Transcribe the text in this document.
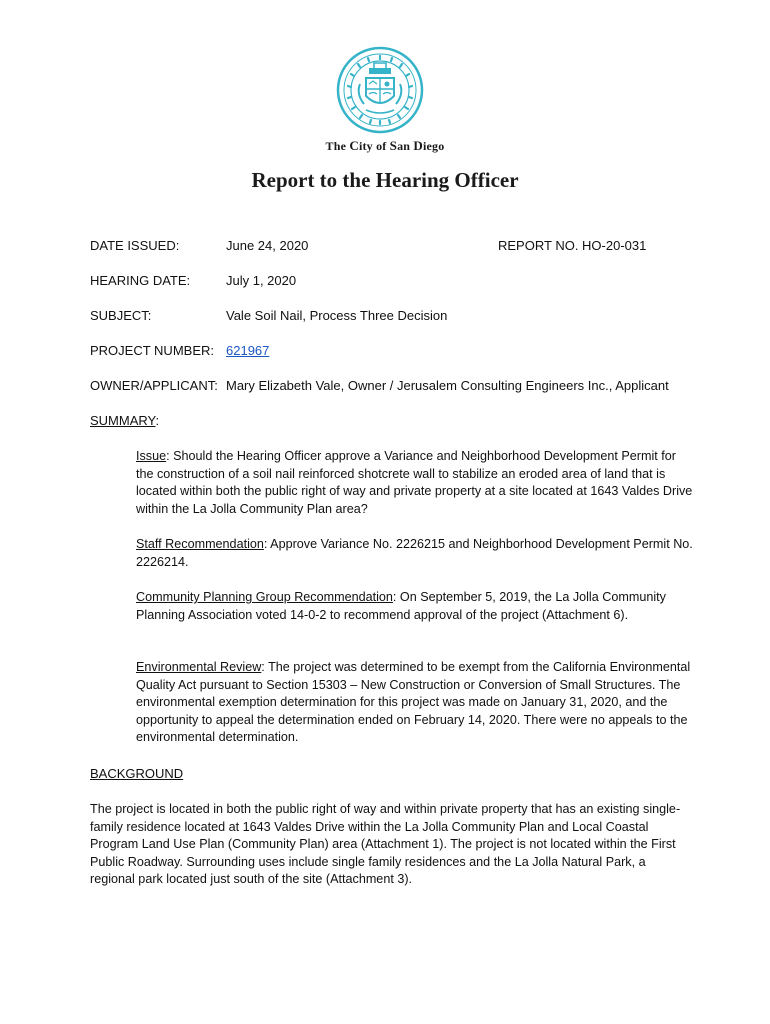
The City of San Diego
Report to the Hearing Officer
DATE ISSUED:	June 24, 2020	REPORT NO. HO-20-031
HEARING DATE:	July 1, 2020
SUBJECT:	Vale Soil Nail, Process Three Decision
PROJECT NUMBER: 621967
OWNER/APPLICANT: Mary Elizabeth Vale, Owner / Jerusalem Consulting Engineers Inc., Applicant
SUMMARY:
Issue: Should the Hearing Officer approve a Variance and Neighborhood Development Permit for the construction of a soil nail reinforced shotcrete wall to stabilize an eroded area of land that is located within both the public right of way and private property at a site located at 1643 Valdes Drive within the La Jolla Community Plan area?
Staff Recommendation: Approve Variance No. 2226215 and Neighborhood Development Permit No. 2226214.
Community Planning Group Recommendation: On September 5, 2019, the La Jolla Community Planning Association voted 14-0-2 to recommend approval of the project (Attachment 6).
Environmental Review: The project was determined to be exempt from the California Environmental Quality Act pursuant to Section 15303 – New Construction or Conversion of Small Structures. The environmental exemption determination for this project was made on January 31, 2020, and the opportunity to appeal the determination ended on February 14, 2020. There were no appeals to the environmental determination.
BACKGROUND
The project is located in both the public right of way and within private property that has an existing single-family residence located at 1643 Valdes Drive within the La Jolla Community Plan and Local Coastal Program Land Use Plan (Community Plan) area (Attachment 1). The project is not located within the First Public Roadway. Surrounding uses include single family residences and the La Jolla Natural Park, a regional park located just south of the site (Attachment 3).
